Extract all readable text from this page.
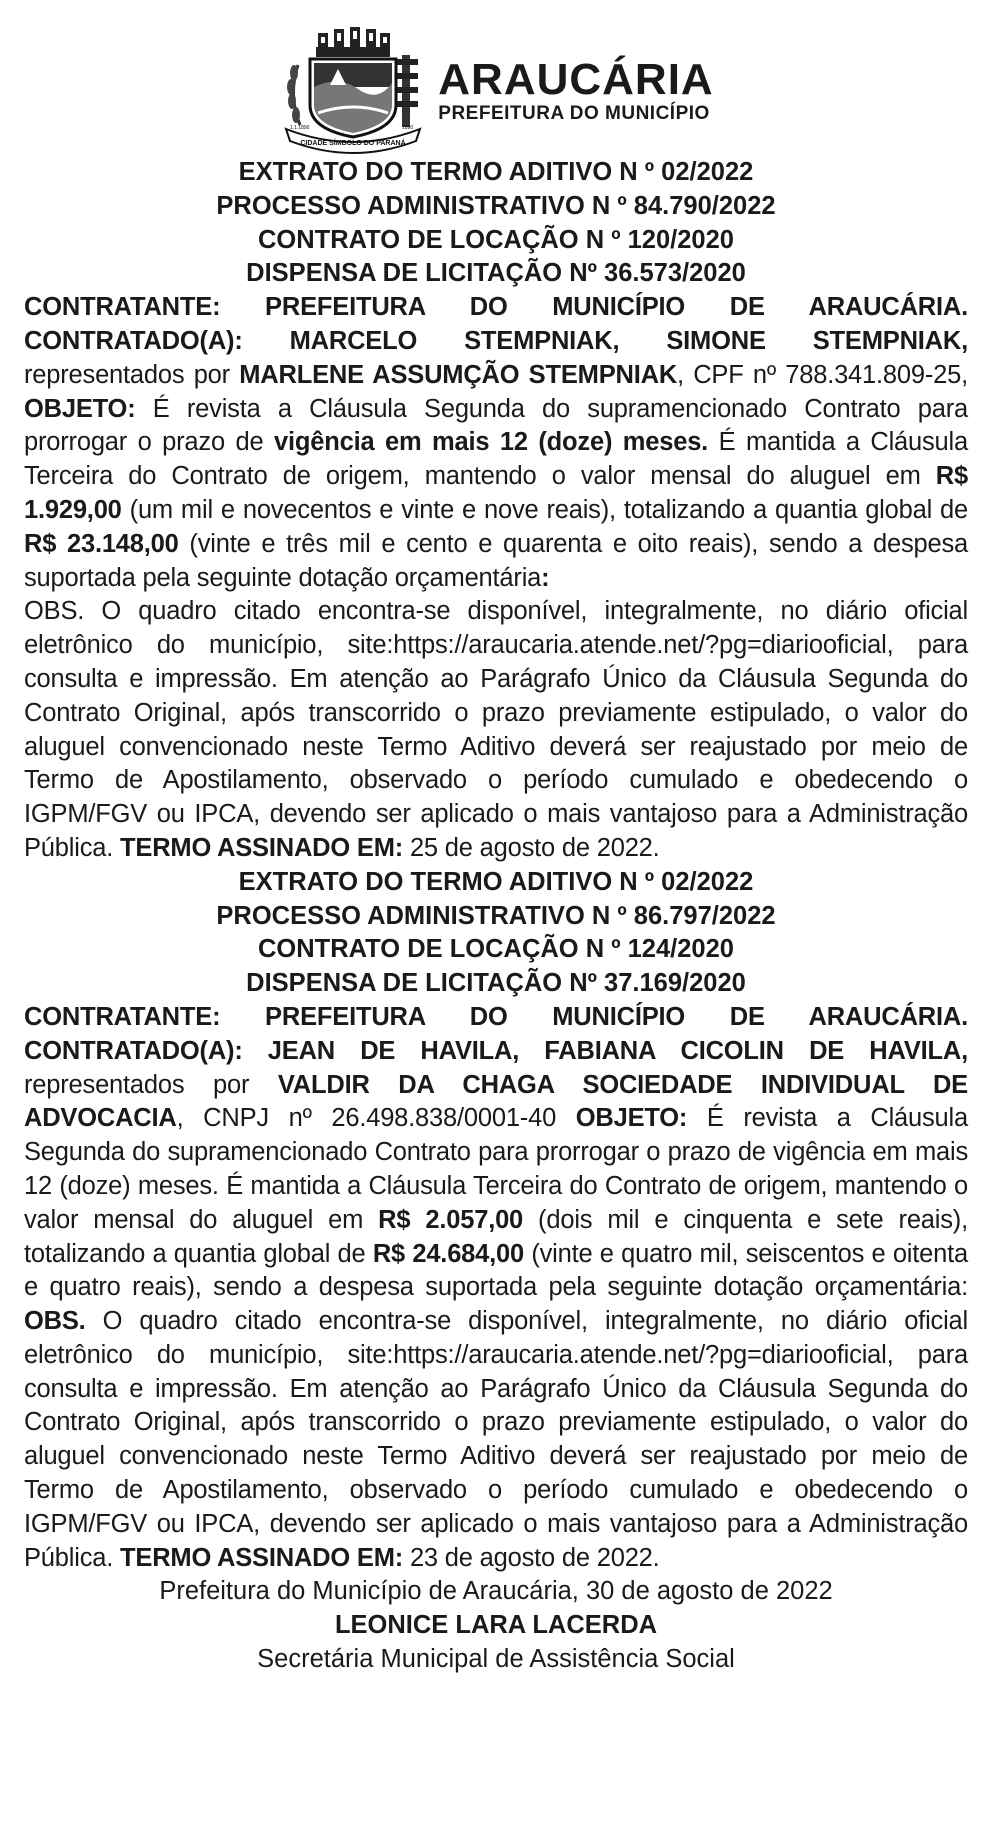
CIDADE SÍMBOLO DO PARANÁ
1.1.1890	1890
ARAUCÁRIA
PREFEITURA DO MUNICÍPIO
EXTRATO DO TERMO ADITIVO N º 02/2022
PROCESSO ADMINISTRATIVO N º 84.790/2022
CONTRATO DE LOCAÇÃO N º 120/2020
DISPENSA DE LICITAÇÃO Nº 36.573/2020

CONTRATANTE: PREFEITURA DO MUNICÍPIO DE ARAUCÁRIA. CONTRATADO(A): MARCELO STEMPNIAK, SIMONE STEMPNIAK, representados por MARLENE ASSUMÇÃO STEMPNIAK, CPF nº 788.341.809-25, OBJETO: É revista a Cláusula Segunda do supramencionado Contrato para prorrogar o prazo de vigência em mais 12 (doze) meses. É mantida a Cláusula Terceira do Contrato de origem, mantendo o valor mensal do aluguel em R$ 1.929,00 (um mil e novecentos e vinte e nove reais), totalizando a quantia global de R$ 23.148,00 (vinte e três mil e cento e quarenta e oito reais), sendo a despesa suportada pela seguinte dotação orçamentária:

OBS. O quadro citado encontra-se disponível, integralmente, no diário oficial eletrônico do município, site:https://araucaria.atende.net/?pg=diariooficial, para consulta e impressão. Em atenção ao Parágrafo Único da Cláusula Segunda do Contrato Original, após transcorrido o prazo previamente estipulado, o valor do aluguel convencionado neste Termo Aditivo deverá ser reajustado por meio de Termo de Apostilamento, observado o período cumulado e obedecendo o IGPM/FGV ou IPCA, devendo ser aplicado o mais vantajoso para a Administração Pública. TERMO ASSINADO EM: 25 de agosto de 2022.

EXTRATO DO TERMO ADITIVO N º 02/2022
PROCESSO ADMINISTRATIVO N º 86.797/2022
CONTRATO DE LOCAÇÃO N º 124/2020
DISPENSA DE LICITAÇÃO Nº 37.169/2020

CONTRATANTE: PREFEITURA DO MUNICÍPIO DE ARAUCÁRIA. CONTRATADO(A): JEAN DE HAVILA, FABIANA CICOLIN DE HAVILA, representados por VALDIR DA CHAGA SOCIEDADE INDIVIDUAL DE ADVOCACIA, CNPJ nº 26.498.838/0001-40 OBJETO: É revista a Cláusula Segunda do supramencionado Contrato para prorrogar o prazo de vigência em mais 12 (doze) meses. É mantida a Cláusula Terceira do Contrato de origem, mantendo o valor mensal do aluguel em R$ 2.057,00 (dois mil e cinquenta e sete reais), totalizando a quantia global de R$ 24.684,00 (vinte e quatro mil, seiscentos e oitenta e quatro reais), sendo a despesa suportada pela seguinte dotação orçamentária: OBS. O quadro citado encontra-se disponível, integralmente, no diário oficial eletrônico do município, site:https://araucaria.atende.net/?pg=diariooficial, para consulta e impressão. Em atenção ao Parágrafo Único da Cláusula Segunda do Contrato Original, após transcorrido o prazo previamente estipulado, o valor do aluguel convencionado neste Termo Aditivo deverá ser reajustado por meio de Termo de Apostilamento, observado o período cumulado e obedecendo o IGPM/FGV ou IPCA, devendo ser aplicado o mais vantajoso para a Administração Pública. TERMO ASSINADO EM: 23 de agosto de 2022.

Prefeitura do Município de Araucária, 30 de agosto de 2022
LEONICE LARA LACERDA
Secretária Municipal de Assistência Social
